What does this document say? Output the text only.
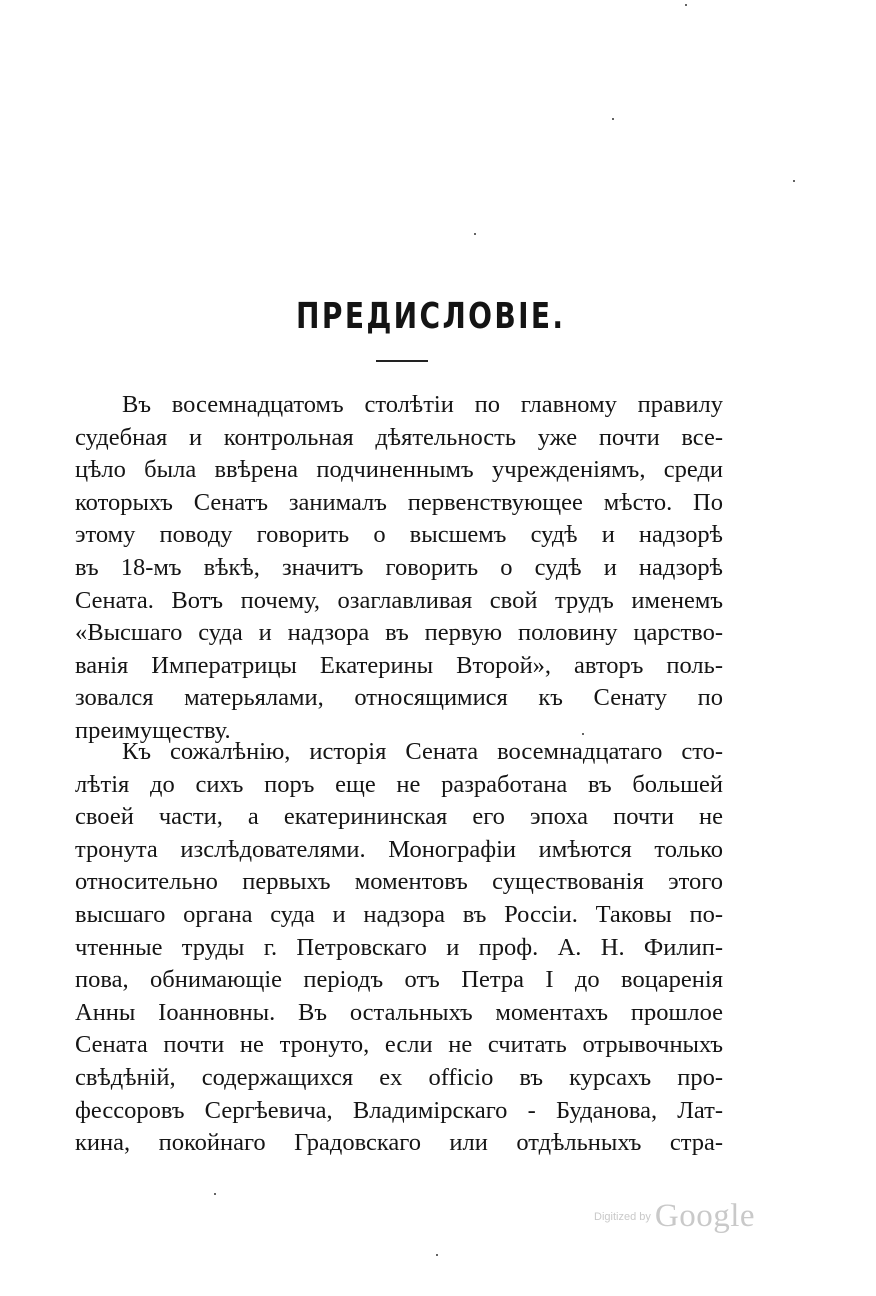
ПРЕДИСЛОВIЕ.
Въ восемнадцатомъ столѣтiи по главному правилу
судебная и контрольная дѣятельность уже почти все-
цѣло была ввѣрена подчиненнымъ учрежденiямъ, среди
которыхъ Сенатъ занималъ первенствующее мѣсто. По
этому поводу говорить о высшемъ судѣ и надзорѣ
въ 18-мъ вѣкѣ, значитъ говорить о судѣ и надзорѣ
Сената. Вотъ почему, озаглавливая свой трудъ именемъ
«Высшаго суда и надзора въ первую половину царство-
ванiя Императрицы Екатерины Второй», авторъ поль-
зовался матерьялами, относящимися къ Сенату по
преимуществу.
Къ сожалѣнiю, исторiя Сената восемнадцатаго сто-
лѣтiя до сихъ поръ еще не разработана въ большей
своей части, а екатерининская его эпоха почти не
тронута изслѣдователями. Монографiи имѣются только
относительно первыхъ моментовъ существованiя этого
высшаго органа суда и надзора въ Россiи. Таковы по-
чтенные труды г. Петровскаго и проф. А. Н. Филип-
пова, обнимающiе перiодъ отъ Петра I до воцаренiя
Анны Iоанновны. Въ остальныхъ моментахъ прошлое
Сената почти не тронуто, если не считать отрывочныхъ
свѣдѣнiй, содержащихся ex officio въ курсахъ про-
фессоровъ Сергѣевича, Владимiрскаго - Буданова, Лат-
кина, покойнаго Градовскаго или отдѣльныхъ стра-
$^{Digitized by}$ Google
